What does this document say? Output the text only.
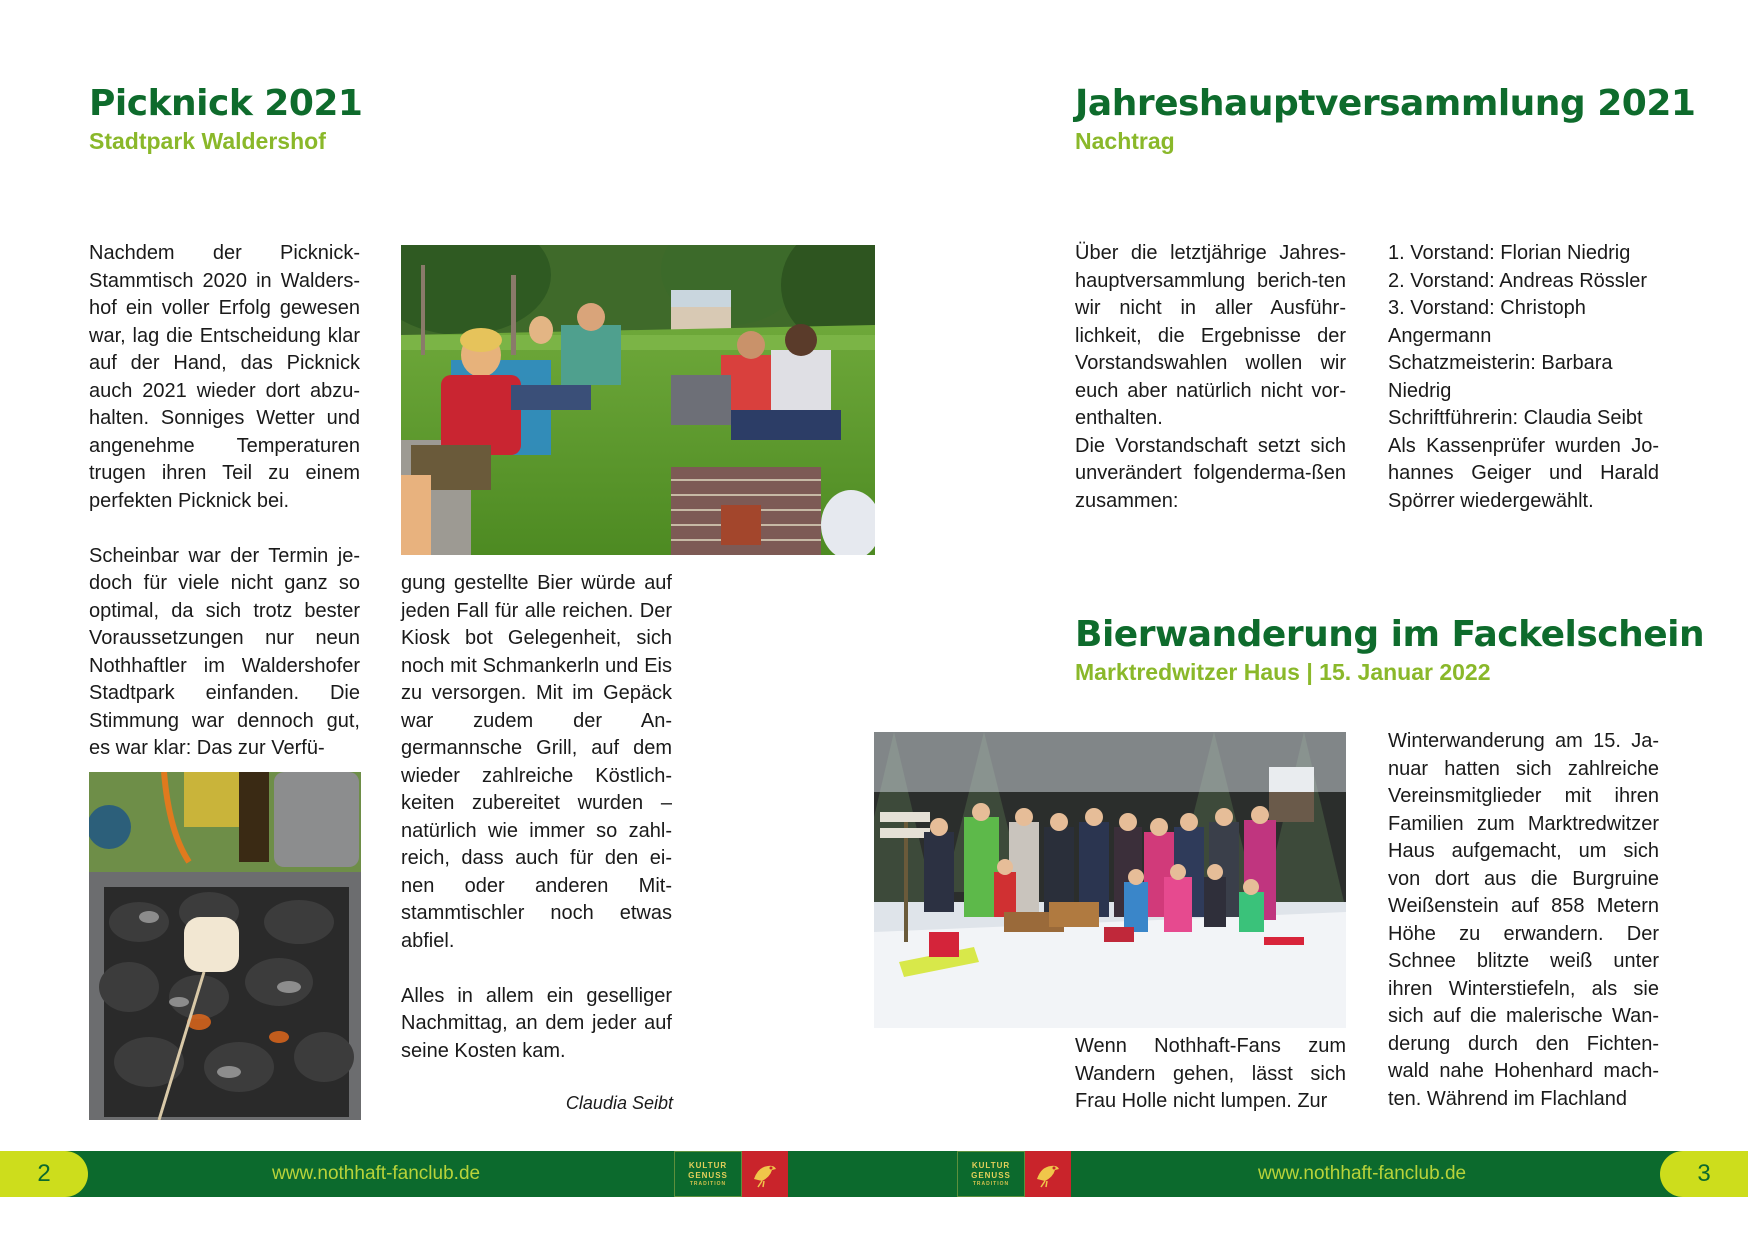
Picknick 2021
Stadtpark Waldershof

Nachdem der Picknick-Stammtisch 2020 in Walders-hof ein voller Erfolg gewesen war, lag die Entscheidung klar auf der Hand, das Picknick auch 2021 wieder dort abzu-halten. Sonniges Wetter und angenehme Temperaturen trugen ihren Teil zu einem perfekten Picknick bei.

Scheinbar war der Termin je-doch für viele nicht ganz so optimal, da sich trotz bester Voraussetzungen nur neun Nothhaftler im Waldershofer Stadtpark einfanden. Die Stimmung war dennoch gut, es war klar: Das zur Verfü-

gung gestellte Bier würde auf jeden Fall für alle reichen. Der Kiosk bot Gelegenheit, sich noch mit Schmankerln und Eis zu versorgen. Mit im Gepäck war zudem der An-germannsche Grill, auf dem wieder zahlreiche Köstlich-keiten zubereitet wurden – natürlich wie immer so zahl-reich, dass auch für den ei-nen oder anderen Mit-stammtischler noch etwas abfiel.

Alles in allem ein geselliger Nachmittag, an dem jeder auf seine Kosten kam.

Claudia Seibt
Jahreshauptversammlung 2021
Nachtrag

Über die letztjährige Jahres-hauptversammlung berich-ten wir nicht in aller Ausführ-lichkeit, die Ergebnisse der Vorstandswahlen wollen wir euch aber natürlich nicht vor-enthalten.

Die Vorstandschaft setzt sich unverändert folgenderma-ßen zusammen:

1. Vorstand: Florian Niedrig
2. Vorstand: Andreas Rössler
3. Vorstand: Christoph Angermann
Schatzmeisterin: Barbara Niedrig
Schriftführerin: Claudia Seibt
Als Kassenprüfer wurden Jo-hannes Geiger und Harald Spörrer wiedergewählt.
Bierwanderung im Fackelschein
Marktredwitzer Haus | 15. Januar 2022

Wenn Nothhaft-Fans zum Wandern gehen, lässt sich Frau Holle nicht lumpen. Zur

Winterwanderung am 15. Ja-nuar hatten sich zahlreiche Vereinsmitglieder mit ihren Familien zum Marktredwitzer Haus aufgemacht, um sich von dort aus die Burgruine Weißenstein auf 858 Metern Höhe zu erwandern. Der Schnee blitzte weiß unter ihren Winterstiefeln, als sie sich auf die malerische Wan-derung durch den Fichten-wald nahe Hohenhard mach-ten. Während im Flachland

2	3
www.nothhaft-fanclub.de	www.nothhaft-fanclub.de
KULTUR
GENUSS
TRADITION
KULTUR
GENUSS
TRADITION
